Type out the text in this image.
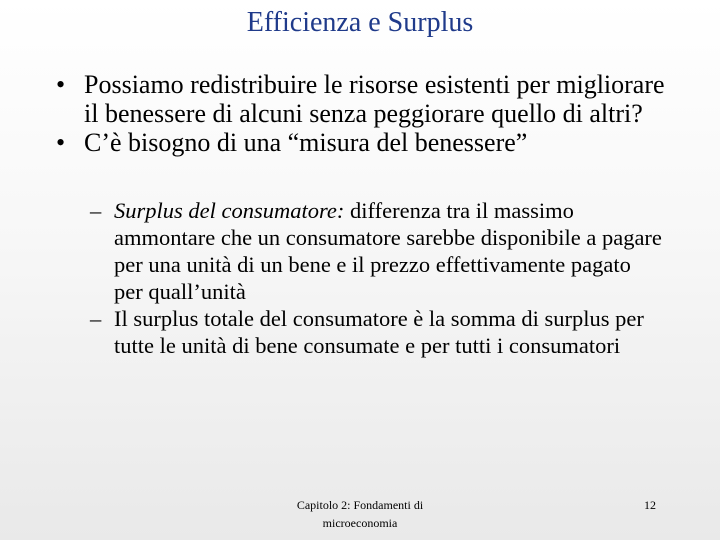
Efficienza e Surplus
• Possiamo redistribuire le risorse esistenti per migliorare il benessere di alcuni senza peggiorare quello di altri?
• C’è bisogno di una “misura del benessere”
– Surplus del consumatore: differenza tra il massimo ammontare che un consumatore sarebbe disponibile a pagare per una unità di un bene e il prezzo effettivamente pagato per quall’unità
– Il surplus totale del consumatore è la somma di surplus per tutte le unità di bene consumate e per tutti i consumatori
Capitolo 2: Fondamenti di microeconomia
12
